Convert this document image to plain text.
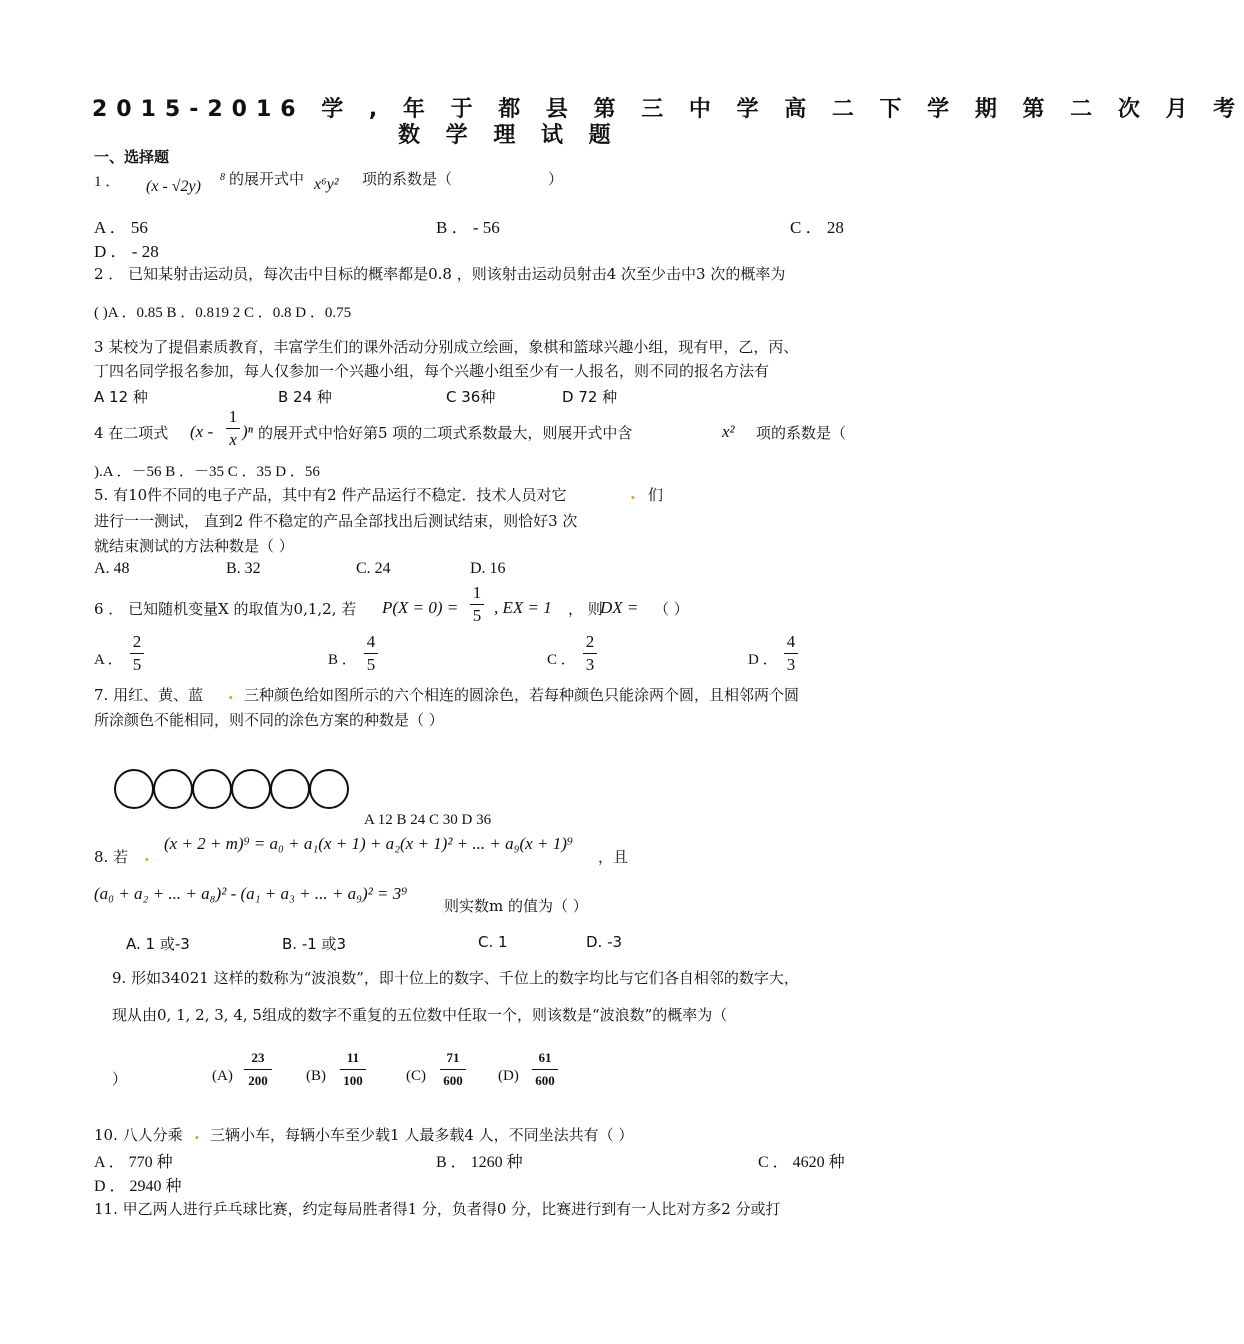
2015-2016 学 , 年 于 都 县 第 三 中 学 高 二 下 学 期 第 二 次 月 考
数 学 理 试 题
一、选择题
1 ． (x - √2y)
8 的展开式中 x⁶y² 项的系数是（	）
A ． 56	B ． - 56	C ． 28
D ． - 28
2 ． 已知某射击运动员，每次击中目标的概率都是0.8 ，则该射击运动员射击4 次至少击中3 次的概率为
( )A ．0.85 B ．0.819 2 C ．0.8 D ．0.75
3 某校为了提倡素质教育，丰富学生们的课外活动分别成立绘画，象棋和篮球兴趣小组，现有甲，乙，丙、
丁四名同学报名参加，每人仅参加一个兴趣小组，每个兴趣小组至少有一人报名，则不同的报名方法有
A 12 种	B 24 种	C 36种	D 72 种
4 在二项式 (x -
1
x )ⁿ 的展开式中恰好第5 项的二项式系数最大，则展开式中含	x² 项的系数是（
).A ．－56 B ．－35 C ．35 D ．56
5. 有10件不同的电子产品，其中有2 件产品运行不稳定．技术人员对它	. 们
进行一一测试， 直到2 件不稳定的产品全部找出后测试结束，则恰好3 次
就结束测试的方法种数是（ ）
A. 48	B. 32	C. 24	D. 16
6 ． 已知随机变量X 的取值为0,1,2, 若 P(X = 0) =
1
5 , EX = 1 ， 则
DX = （ ）
A ．
2
5	B ．
4
5	C ．
2
3	D ．
4
3
7. 用红、黄、蓝 . 三种颜色给如图所示的六个相连的圆涂色，若每种颜色只能涂两个圆，且相邻两个圆
所涂颜色不能相同，则不同的涂色方案的种数是（ ）
A 12 B 24 C 30 D 36
8. 若 .
(x + 2 + m)⁹ = a₀ + a₁(x + 1) + a₂(x + 1)² + ... + a₉(x + 1)⁹
，且
(a₀ + a₂ + ... + a₈)² - (a₁ + a₃ + ... + a₉)² = 3⁹
则实数m 的值为（ ）
A. 1 或-3	B. -1 或3	C. 1	D. -3
9. 形如34021 这样的数称为“波浪数”，即十位上的数字、千位上的数字均比与它们各自相邻的数字大，
现从由0, 1, 2, 3, 4, 5组成的数字不重复的五位数中任取一个，则该数是“波浪数”的概率为（
）	(A)
23
200	(B)
11
100	(C)
71
600 (D)
61
600
10. 八人分乘 . 三辆小车，每辆小车至少载1 人最多载4 人，不同坐法共有（ ）
A ． 770 种	B ． 1260 种	C ． 4620 种
D ． 2940 种
11. 甲乙两人进行乒乓球比赛，约定每局胜者得1 分，负者得0 分，比赛进行到有一人比对方多2 分或打
